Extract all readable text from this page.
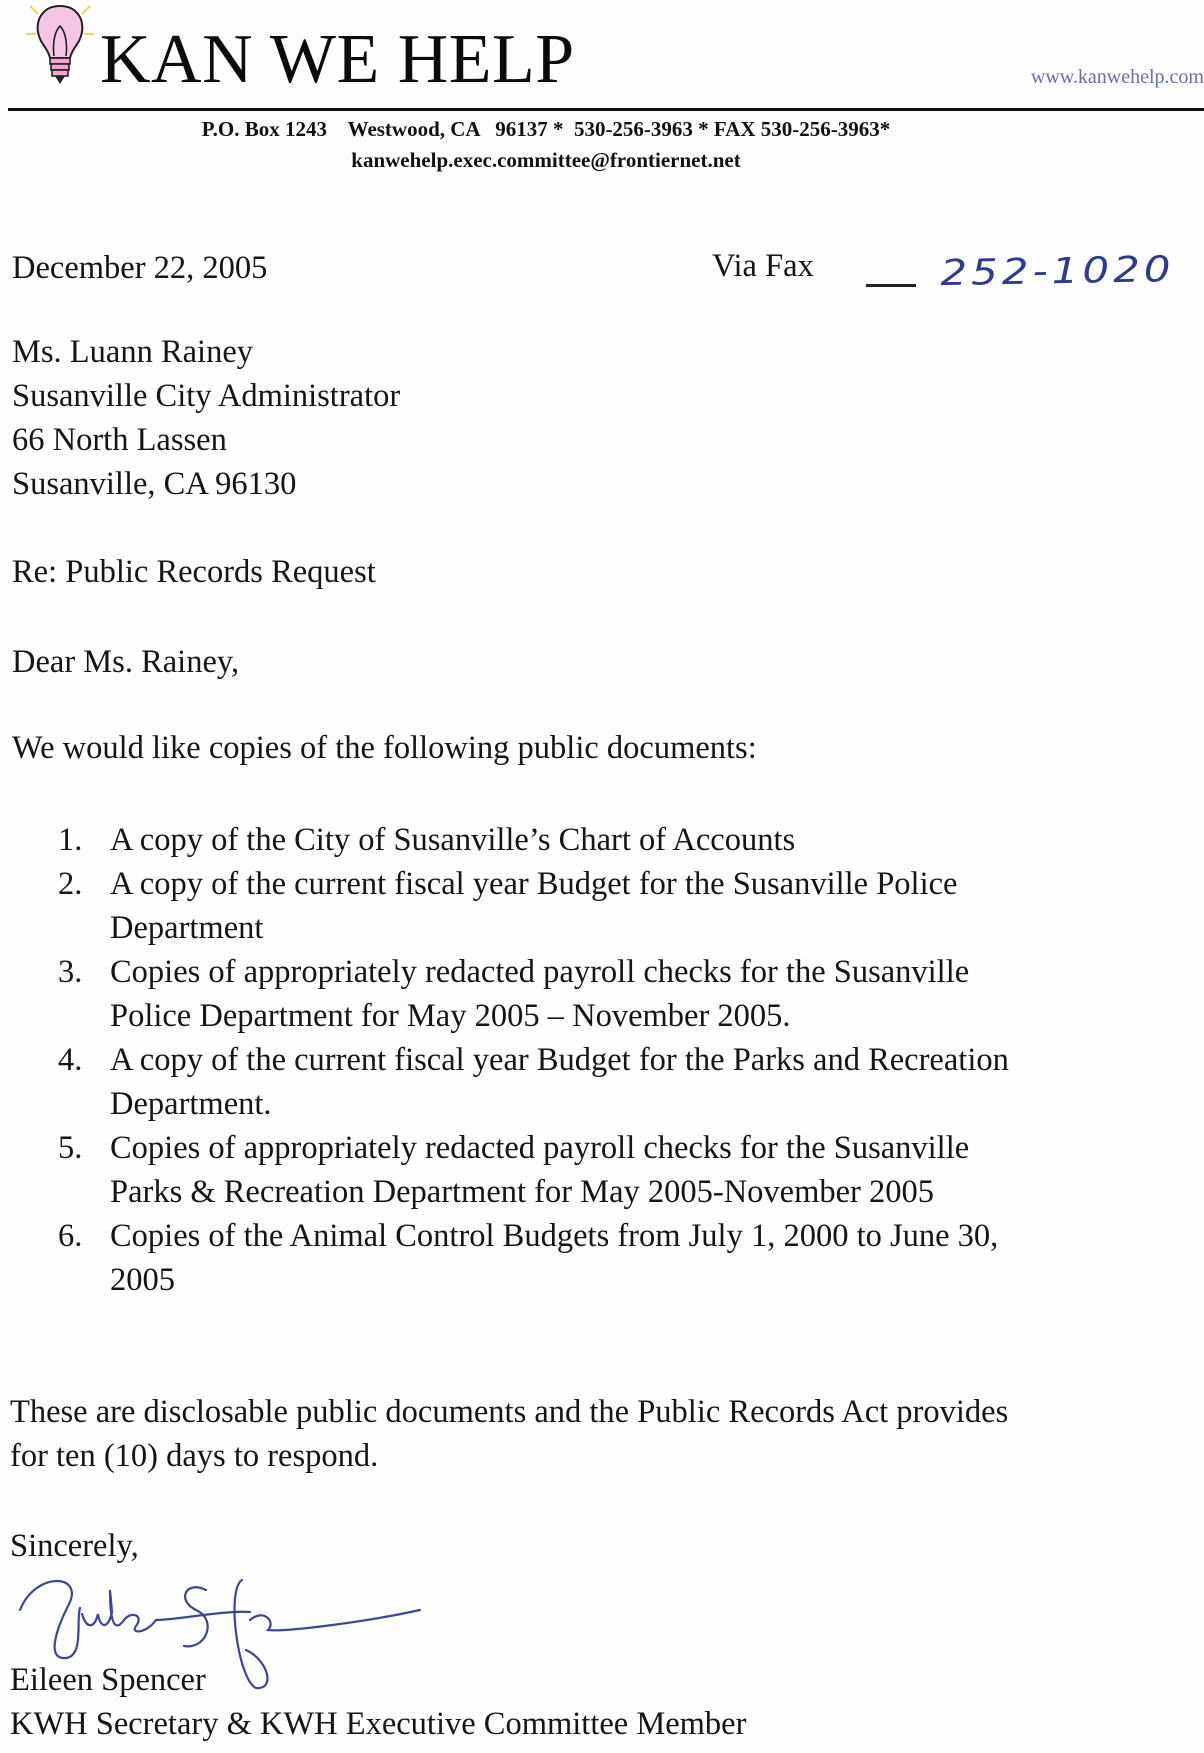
KAN WE HELP	www.kanwehelp.com
P.O. Box 1243    Westwood, CA   96137 *  530-256-3963 * FAX 530-256-3963*
kanwehelp.exec.committee@frontiernet.net
December 22, 2005	Via Fax	252-1020
Ms. Luann Rainey
Susanville City Administrator
66 North Lassen
Susanville, CA 96130
Re: Public Records Request
Dear Ms. Rainey,
We would like copies of the following public documents:
1. A copy of the City of Susanville’s Chart of Accounts
2. A copy of the current fiscal year Budget for the Susanville Police
Department
3. Copies of appropriately redacted payroll checks for the Susanville
Police Department for May 2005 – November 2005.
4. A copy of the current fiscal year Budget for the Parks and Recreation
Department.
5. Copies of appropriately redacted payroll checks for the Susanville
Parks & Recreation Department for May 2005-November 2005
6. Copies of the Animal Control Budgets from July 1, 2000 to June 30,
2005
These are disclosable public documents and the Public Records Act provides
for ten (10) days to respond.
Sincerely,
Eileen Spencer
KWH Secretary & KWH Executive Committee Member
